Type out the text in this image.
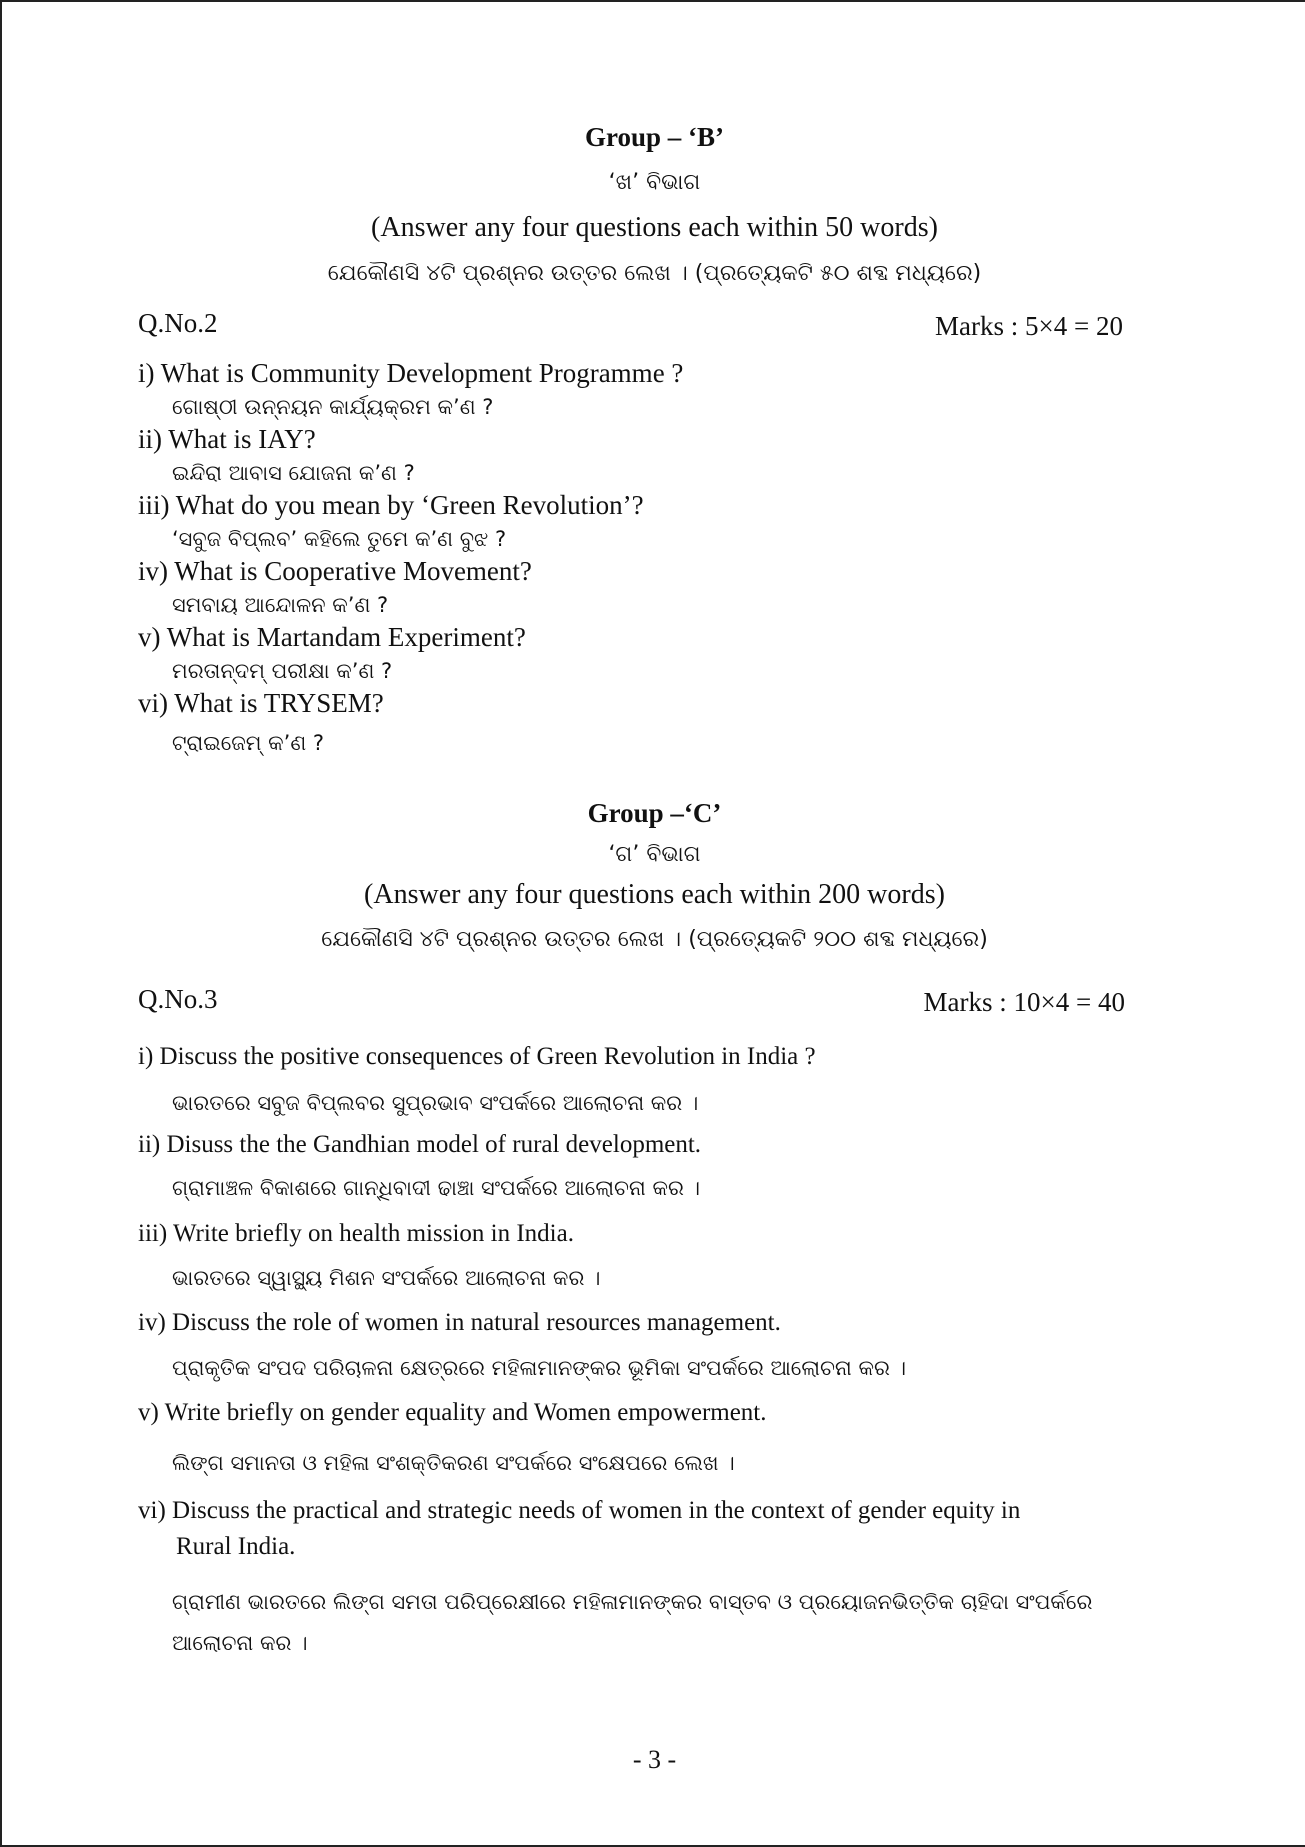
Group – ‘B’
‘ଖ’ ବିଭାଗ
(Answer any four questions each within 50 words)
ଯେକୌଣସି ୪ଟି ପ୍ରଶ୍ନର ଉତ୍ତର ଲେଖ । (ପ୍ରତ୍ୟେକଟି ୫୦ ଶବ୍ଦ ମଧ୍ୟରେ)
Q.No.2	Marks : 5×4 = 20
i) What is Community Development Programme ?
ଗୋଷ୍ଠୀ ଉନ୍ନୟନ କାର୍ଯ୍ୟକ୍ରମ କ’ଣ ?
ii) What is IAY?
ଇନ୍ଦିରା ଆବାସ ଯୋଜନା କ’ଣ ?
iii) What do you mean by ‘Green Revolution’?
‘ସବୁଜ ବିପ୍ଲବ’ କହିଲେ ତୁମେ କ’ଣ ବୁଝ ?
iv) What is Cooperative Movement?
ସମବାୟ ଆନ୍ଦୋଳନ କ’ଣ ?
v) What is Martandam Experiment?
ମରତାନ୍‌ଦମ୍ ପରୀକ୍ଷା କ’ଣ ?
vi) What is TRYSEM?
ଟ୍ରାଇଜେମ୍ କ’ଣ ?
Group –‘C’
‘ଗ’ ବିଭାଗ
(Answer any four questions each within 200 words)
ଯେକୌଣସି ୪ଟି ପ୍ରଶ୍ନର ଉତ୍ତର ଲେଖ । (ପ୍ରତ୍ୟେକଟି ୨୦୦ ଶବ୍ଦ ମଧ୍ୟରେ)
Q.No.3	Marks : 10×4 = 40
i) Discuss the positive consequences of Green Revolution in India ?
ଭାରତରେ ସବୁଜ ବିପ୍ଲବର ସୁପ୍ରଭାବ ସଂପର୍କରେ ଆଲୋଚନା କର ।
ii) Disuss the the Gandhian model of rural development.
ଗ୍ରାମାଞ୍ଚଳ ବିକାଶରେ ଗାନ୍ଧିବାଦୀ ଢାଞ୍ଚା ସଂପର୍କରେ ଆଲୋଚନା କର ।
iii) Write briefly on health mission in India.
ଭାରତରେ ସ୍ୱାସ୍ଥ୍ୟ ମିଶନ ସଂପର୍କରେ ଆଲୋଚନା କର ।
iv) Discuss the role of women in natural resources management.
ପ୍ରାକୃତିକ ସଂପଦ ପରିଚାଳନା କ୍ଷେତ୍ରରେ ମହିଳାମାନଙ୍କର ଭୂମିକା ସଂପର୍କରେ ଆଲୋଚନା କର ।
v) Write briefly on gender equality and Women empowerment.
ଲିଙ୍ଗ ସମାନତା ଓ ମହିଳା ସଂଶକ୍ତିକରଣ ସଂପର୍କରେ ସଂକ୍ଷେପରେ ଲେଖ ।
vi) Discuss the practical and strategic needs of women in the context of gender equity in
Rural India.
ଗ୍ରାମୀଣ ଭାରତରେ ଲିଙ୍ଗ ସମତା ପରିପ୍ରେକ୍ଷୀରେ ମହିଳାମାନଙ୍କର ବାସ୍ତବ ଓ ପ୍ରୟୋଜନଭିତ୍ତିକ ଚାହିଦା ସଂପର୍କରେ
ଆଲୋଚନା କର ।
- 3 -
